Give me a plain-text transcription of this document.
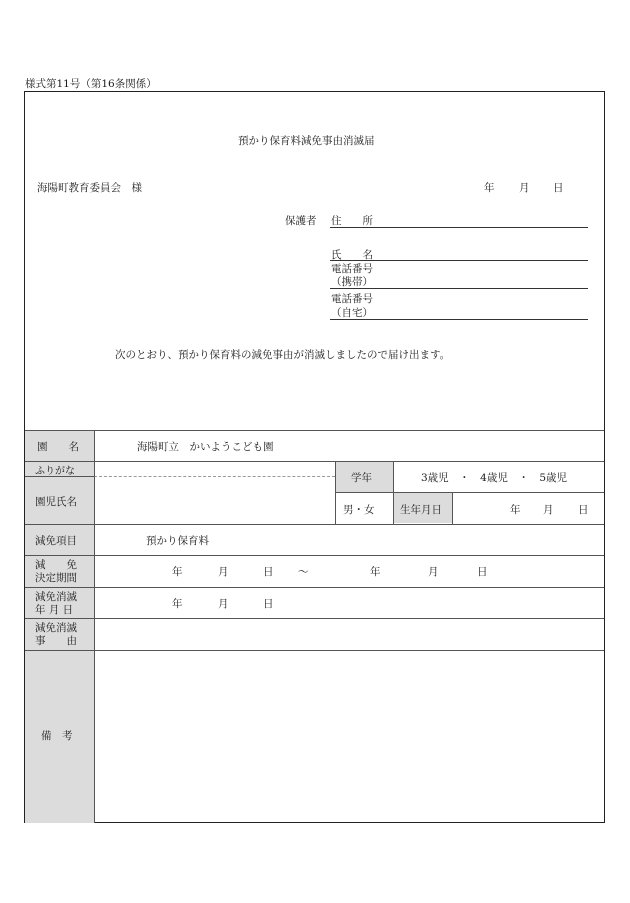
様式第11号（第16条関係）
預かり保育料減免事由消滅届
海陽町教育委員会　様	年 月 日
保護者 住　　所
氏　　名
電話番号
（携帯）
電話番号
（自宅）
次のとおり、預かり保育料の減免事由が消滅しましたので届け出ます。
園　　名	海陽町立　かいようこども園
ふりがな
園児氏名
学年	3歳児　・　4歳児　・　5歳児
男・女 生年月日	年 月 日
減免項目	預かり保育料
減　　免
決定期間	年	月	日 〜	年	月	日
減免消滅
年 月 日	年	月	日
減免消滅
事　　由
備　考
